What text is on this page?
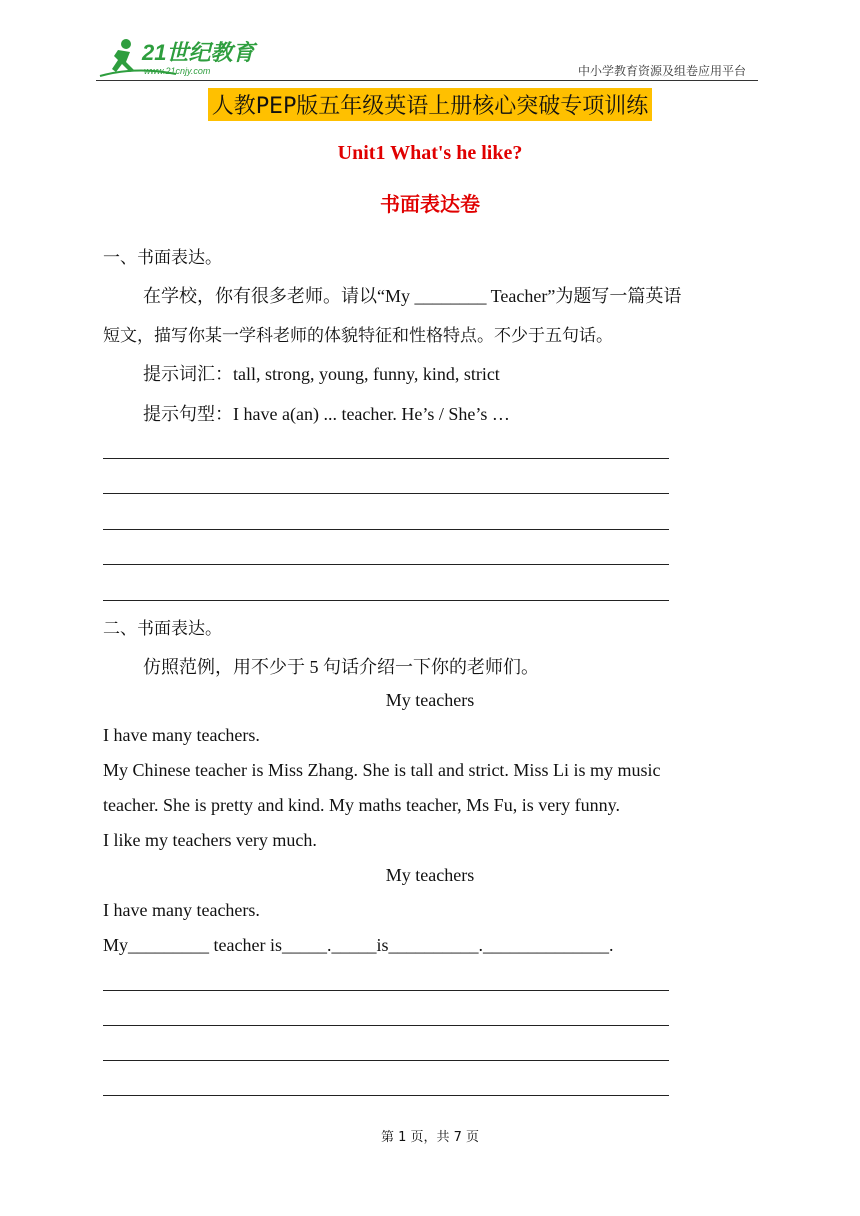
21世纪教育
www.21cnjy.com	中小学教育资源及组卷应用平台
人教PEP版五年级英语上册核心突破专项训练
Unit1 What's he like?
书面表达卷
一、书面表达。
在学校，你有很多老师。请以“My ________ Teacher”为题写一篇英语
短文，描写你某一学科老师的体貌特征和性格特点。不少于五句话。
提示词汇：tall, strong, young, funny, kind, strict
提示句型：I have a(an) ... teacher. He’s / She’s …
二、书面表达。
仿照范例，用不少于 5 句话介绍一下你的老师们。
My teachers
I have many teachers.
My Chinese teacher is Miss Zhang. She is tall and strict. Miss Li is my music
teacher. She is pretty and kind. My maths teacher, Ms Fu, is very funny.
I like my teachers very much.
My teachers
I have many teachers.
My_________ teacher is_____._____is__________.______________.
第 1 页，共 7 页
